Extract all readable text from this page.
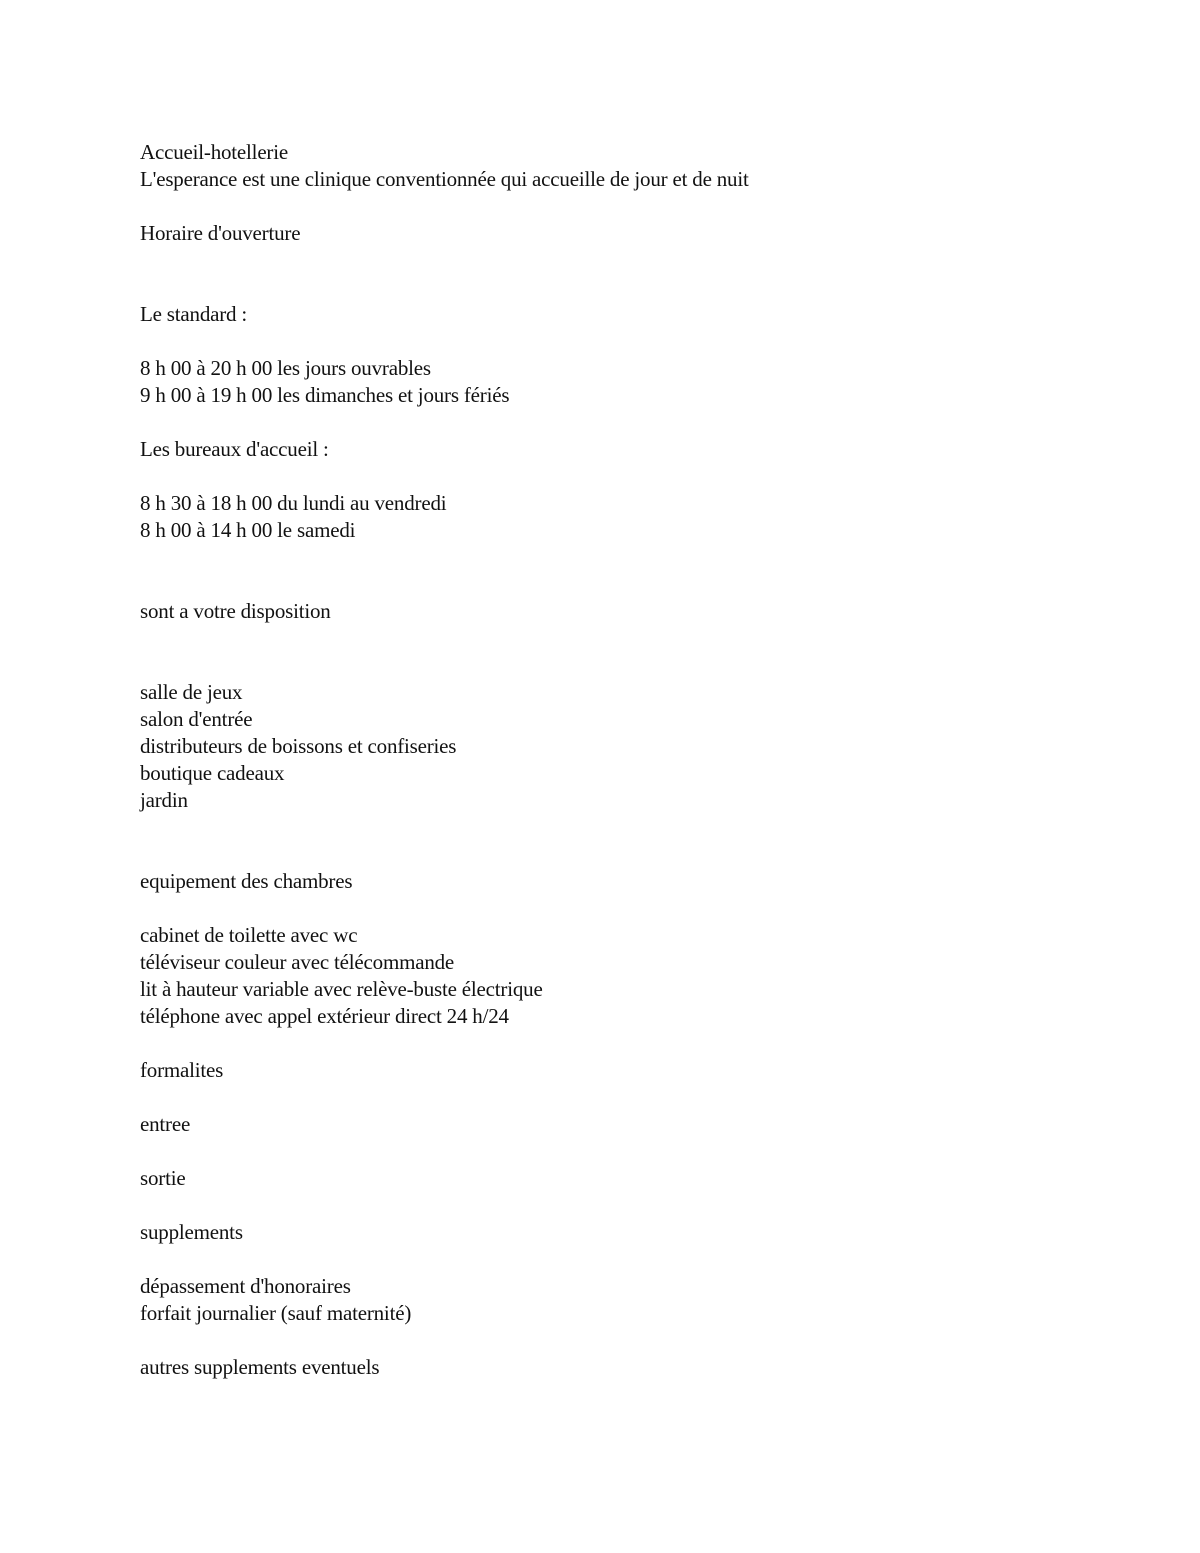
Accueil-hotellerie
L'esperance est une clinique conventionnée qui accueille de jour et de nuit
Horaire d'ouverture
Le standard :
8 h 00 à 20 h 00 les jours ouvrables
9 h 00 à 19 h 00 les dimanches et jours fériés
Les bureaux d'accueil :
8 h 30 à 18 h 00 du lundi au vendredi
8 h 00 à 14 h 00 le samedi
sont a votre disposition
salle de jeux
salon d'entrée
distributeurs de boissons et confiseries
boutique cadeaux
jardin
equipement des chambres
cabinet de toilette avec wc
téléviseur couleur avec télécommande
lit à hauteur variable avec relève-buste électrique
téléphone avec appel extérieur direct 24 h/24
formalites
entree
sortie
supplements
dépassement d'honoraires
forfait journalier (sauf maternité)
autres supplements eventuels
